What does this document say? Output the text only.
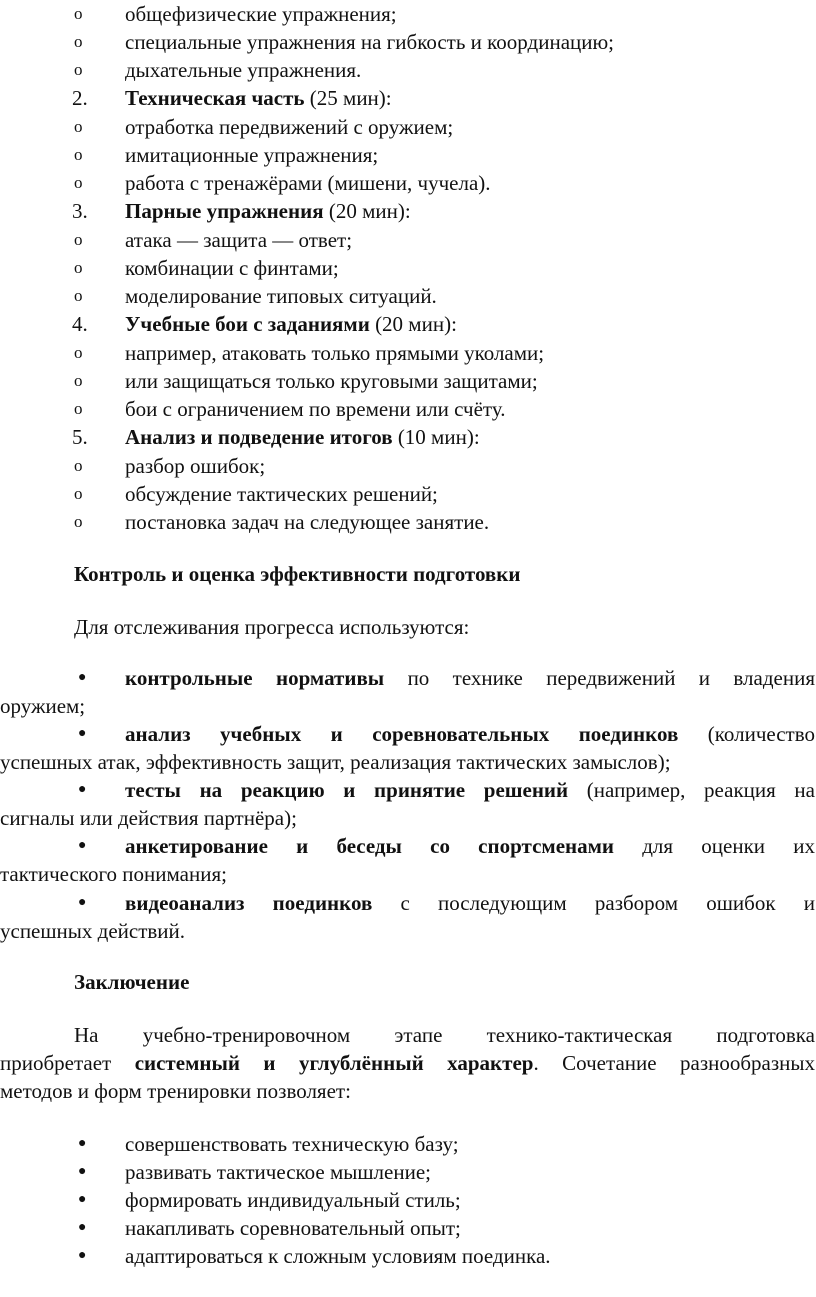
o общефизические упражнения;
o специальные упражнения на гибкость и координацию;
o дыхательные упражнения.
2. Техническая часть (25 мин):
o отработка передвижений с оружием;
o имитационные упражнения;
o работа с тренажёрами (мишени, чучела).
3. Парные упражнения (20 мин):
o атака — защита — ответ;
o комбинации с финтами;
o моделирование типовых ситуаций.
4. Учебные бои с заданиями (20 мин):
o например, атаковать только прямыми уколами;
o или защищаться только круговыми защитами;
o бои с ограничением по времени или счёту.
5. Анализ и подведение итогов (10 мин):
o разбор ошибок;
o обсуждение тактических решений;
o постановка задач на следующее занятие.
Контроль и оценка эффективности подготовки
Для отслеживания прогресса используются:
● контрольные нормативы по технике передвижений и владения
оружием;
● анализ учебных и соревновательных поединков (количество
успешных атак, эффективность защит, реализация тактических замыслов);
● тесты на реакцию и принятие решений (например, реакция на
сигналы или действия партнёра);
● анкетирование и беседы со спортсменами для оценки их
тактического понимания;
● видеоанализ поединков с последующим разбором ошибок и
успешных действий.
Заключение
На учебно-тренировочном этапе технико-тактическая подготовка
приобретает системный и углублённый характер. Сочетание разнообразных
методов и форм тренировки позволяет:
● совершенствовать техническую базу;
● развивать тактическое мышление;
● формировать индивидуальный стиль;
● накапливать соревновательный опыт;
● адаптироваться к сложным условиям поединка.
